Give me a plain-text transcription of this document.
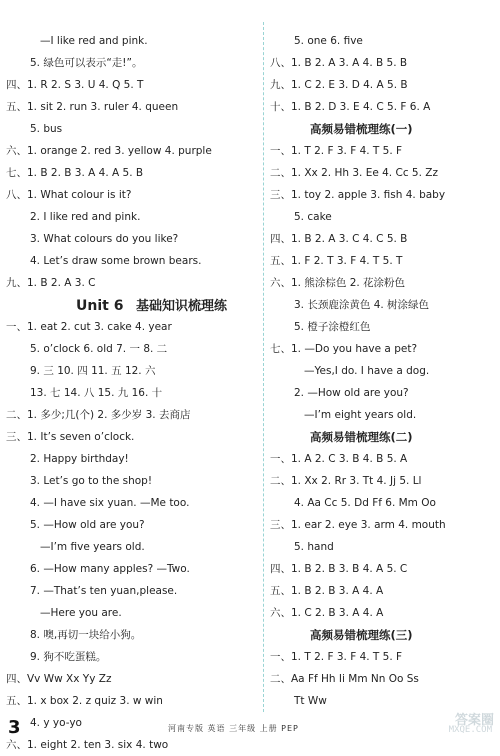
Unit 6 基础知识梳理练
—I like red and pink.
5. 绿色可以表示“走!”。
四、1. R 2. S 3. U 4. Q 5. T
五、1. sit 2. run 3. ruler 4. queen
5. bus
六、1. orange 2. red 3. yellow 4. purple
七、1. B 2. B 3. A 4. A 5. B
八、1. What colour is it?
2. I like red and pink.
3. What colours do you like?
4. Let’s draw some brown bears.
九、1. B 2. A 3. C
一、1. eat 2. cut 3. cake 4. year
5. o’clock 6. old 7. 一 8. 二
9. 三 10. 四 11. 五 12. 六
13. 七 14. 八 15. 九 16. 十
二、1. 多少;几(个) 2. 多少岁 3. 去商店
三、1. It’s seven o’clock.
2. Happy birthday!
3. Let’s go to the shop!
4. —I have six yuan. —Me too.
5. —How old are you?
—I’m five years old.
6. —How many apples? —Two.
7. —That’s ten yuan,please.
—Here you are.
8. 噢,再切一块给小狗。
9. 狗不吃蛋糕。
四、Vv Ww Xx Yy Zz
五、1. x box 2. z quiz 3. w win
4. y yo-yo
六、1. eight 2. ten 3. six 4. two
高频易错梳理练(一)
高频易错梳理练(二)
高频易错梳理练(三)
5. one 6. five
八、1. B 2. A 3. A 4. B 5. B
九、1. C 2. E 3. D 4. A 5. B
十、1. B 2. D 3. E 4. C 5. F 6. A
一、1. T 2. F 3. F 4. T 5. F
二、1. Xx 2. Hh 3. Ee 4. Cc 5. Zz
三、1. toy 2. apple 3. fish 4. baby
5. cake
四、1. B 2. A 3. C 4. C 5. B
五、1. F 2. T 3. F 4. T 5. T
六、1. 熊涂棕色 2. 花涂粉色
3. 长颈鹿涂黄色 4. 树涂绿色
5. 橙子涂橙红色
七、1. —Do you have a pet?
—Yes,I do. I have a dog.
2. —How old are you?
—I’m eight years old.
一、1. A 2. C 3. B 4. B 5. A
二、1. Xx 2. Rr 3. Tt 4. Jj 5. Ll
4. Aa Cc 5. Dd Ff 6. Mm Oo
三、1. ear 2. eye 3. arm 4. mouth
5. hand
四、1. B 2. B 3. B 4. A 5. C
五、1. B 2. B 3. A 4. A
六、1. C 2. B 3. A 4. A
一、1. T 2. F 3. F 4. T 5. F
二、Aa Ff Hh Ii Mm Nn Oo Ss
Tt Ww
3	河南专版 英语 三年级 上册 PEP
答案圈
MXQE.COM
